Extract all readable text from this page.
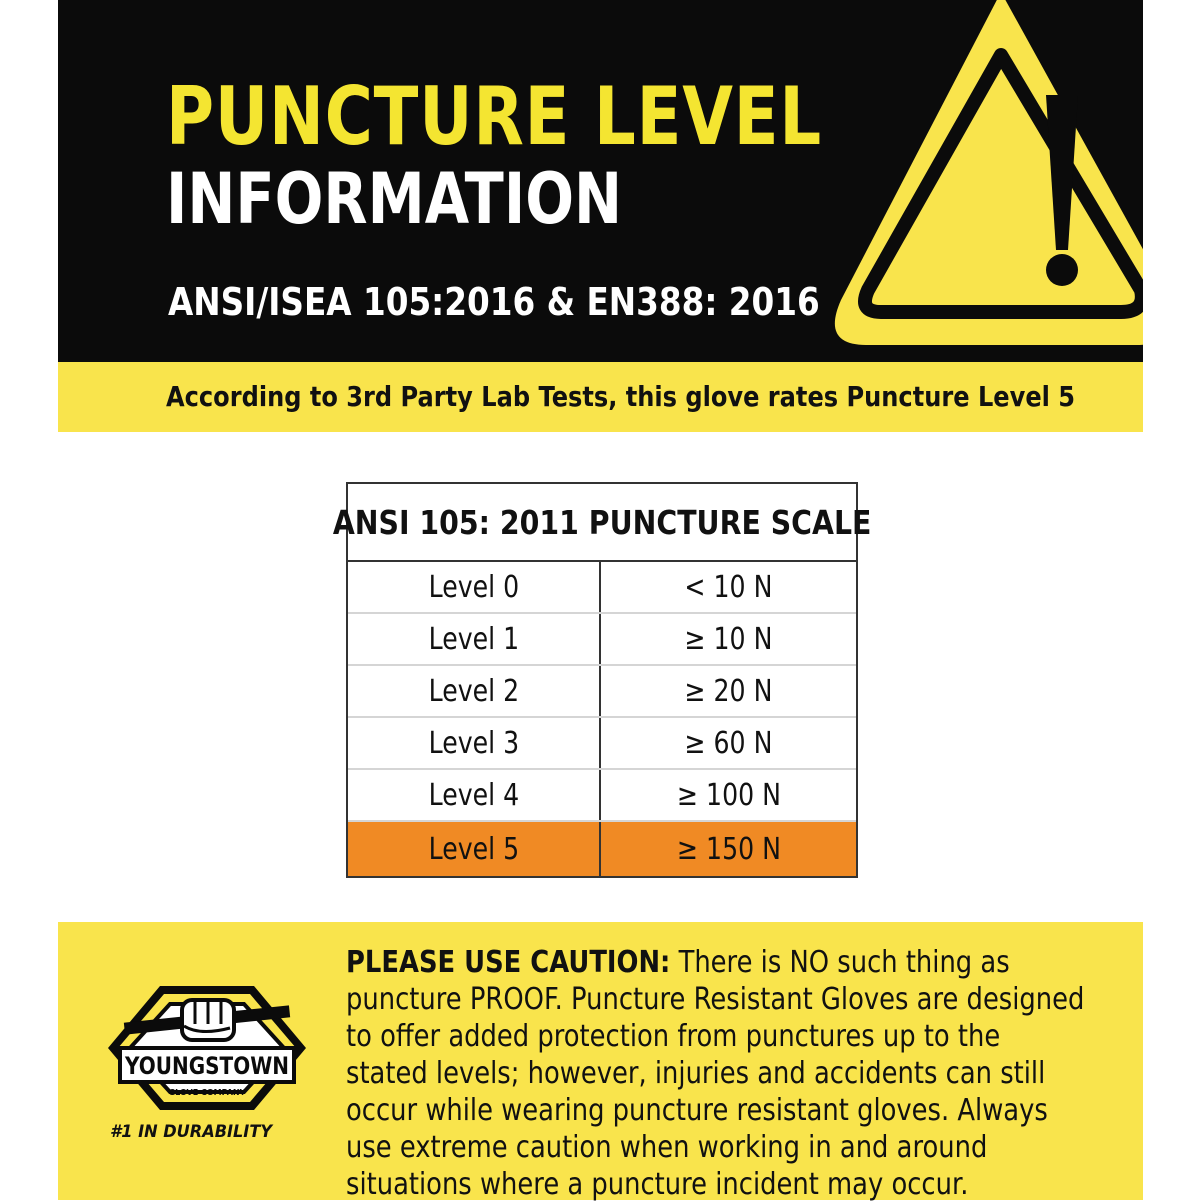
PUNCTURE LEVEL
INFORMATION
ANSI/ISEA 105:2016 & EN388: 2016
According to 3rd Party Lab Tests, this glove rates Puncture Level 5
ANSI 105: 2011 PUNCTURE SCALE
Level 0	< 10 N
Level 1	≥ 10 N
Level 2	≥ 20 N
Level 3	≥ 60 N
Level 4	≥ 100 N
Level 5	≥ 150 N
YOUNGSTOWN
GLOVE COMPANY
#1 IN DURABILITY
PLEASE USE CAUTION: There is NO such thing as puncture PROOF. Puncture Resistant Gloves are designed to offer added protection from punctures up to the stated levels; however, injuries and accidents can still occur while wearing puncture resistant gloves. Always use extreme caution when working in and around situations where a puncture incident may occur.
